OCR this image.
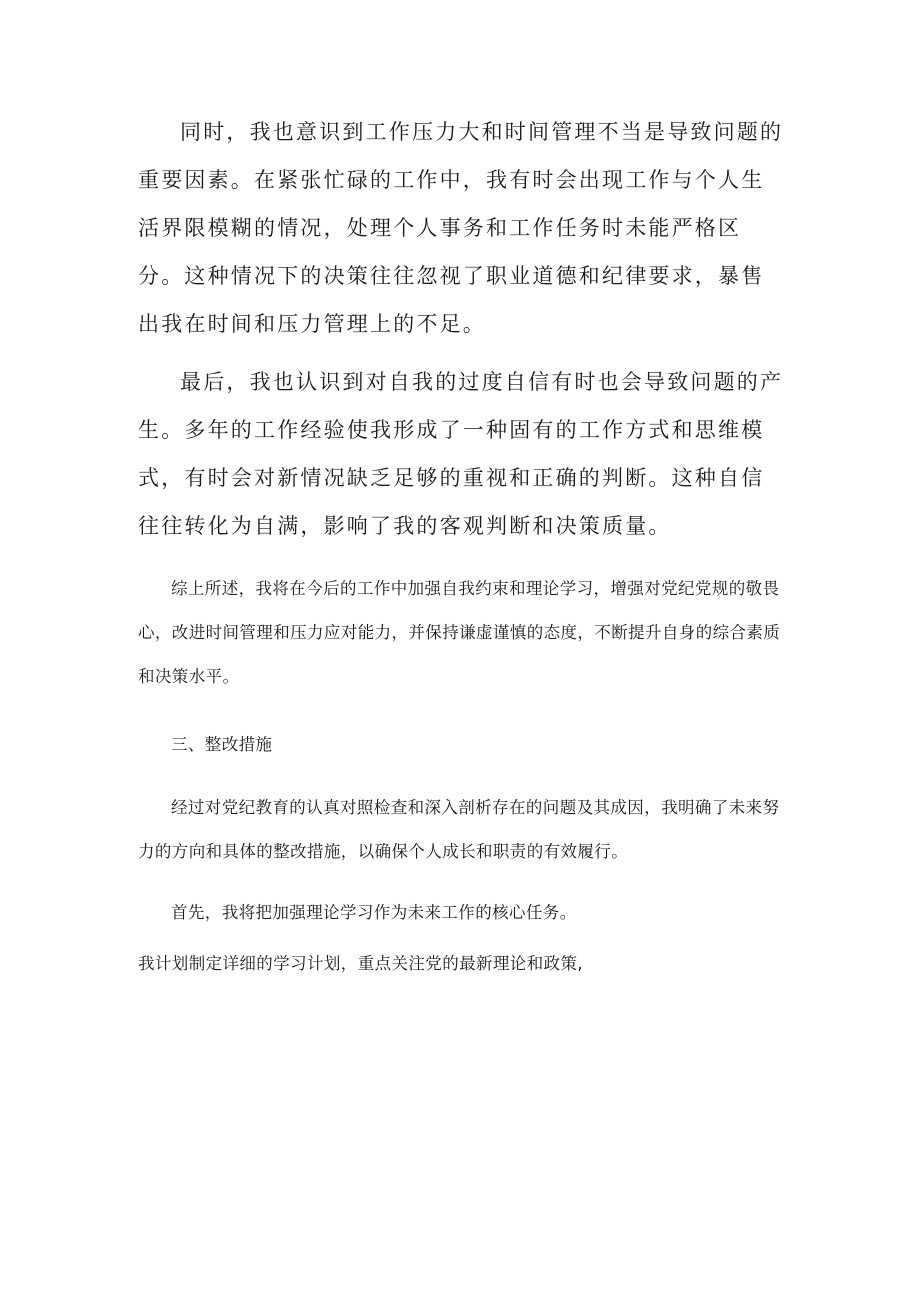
同时，我也意识到工作压力大和时间管理不当是导致问题的重要因素。在紧张忙碌的工作中，我有时会出现工作与个人生活界限模糊的情况，处理个人事务和工作任务时未能严格区分。这种情况下的决策往往忽视了职业道德和纪律要求，暴售出我在时间和压力管理上的不足。

最后，我也认识到对自我的过度自信有时也会导致问题的产生。多年的工作经验使我形成了一种固有的工作方式和思维模式，有时会对新情况缺乏足够的重视和正确的判断。这种自信往往转化为自满，影响了我的客观判断和决策质量。

综上所述，我将在今后的工作中加强自我约束和理论学习，增强对党纪党规的敬畏心，改进时间管理和压力应对能力，并保持谦虚谨慎的态度，不断提升自身的综合素质和决策水平。

三、整改措施

经过对党纪教育的认真对照检查和深入剖析存在的问题及其成因，我明确了未来努力的方向和具体的整改措施，以确保个人成长和职责的有效履行。

首先，我将把加强理论学习作为未来工作的核心任务。

我计划制定详细的学习计划，重点关注党的最新理论和政策,
